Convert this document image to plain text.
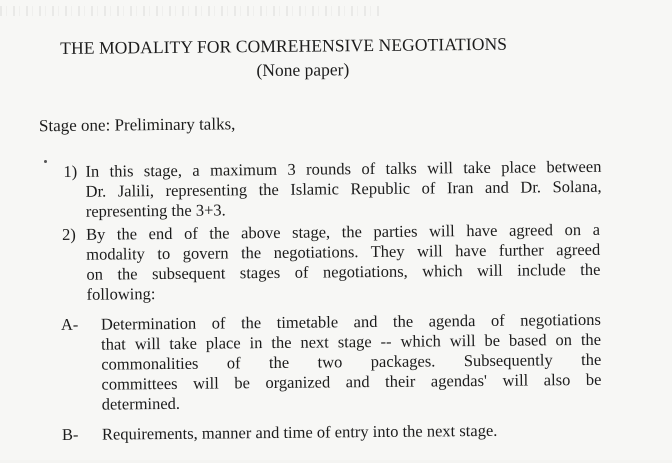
THE MODALITY FOR COMREHENSIVE NEGOTIATIONS
(None paper)
Stage one: Preliminary talks,
1) In this stage, a maximum 3 rounds of talks will take place between
Dr. Jalili, representing the Islamic Republic of Iran and Dr. Solana,
representing the 3+3.
2) By the end of the above stage, the parties will have agreed on a
modality to govern the negotiations. They will have further agreed
on the subsequent stages of negotiations, which will include the
following:
A- Determination of the timetable and the agenda of negotiations
that will take place in the next stage -- which will be based on the
commonalities of the two packages. Subsequently the
committees will be organized and their agendas' will also be
determined.
B- Requirements, manner and time of entry into the next stage.
